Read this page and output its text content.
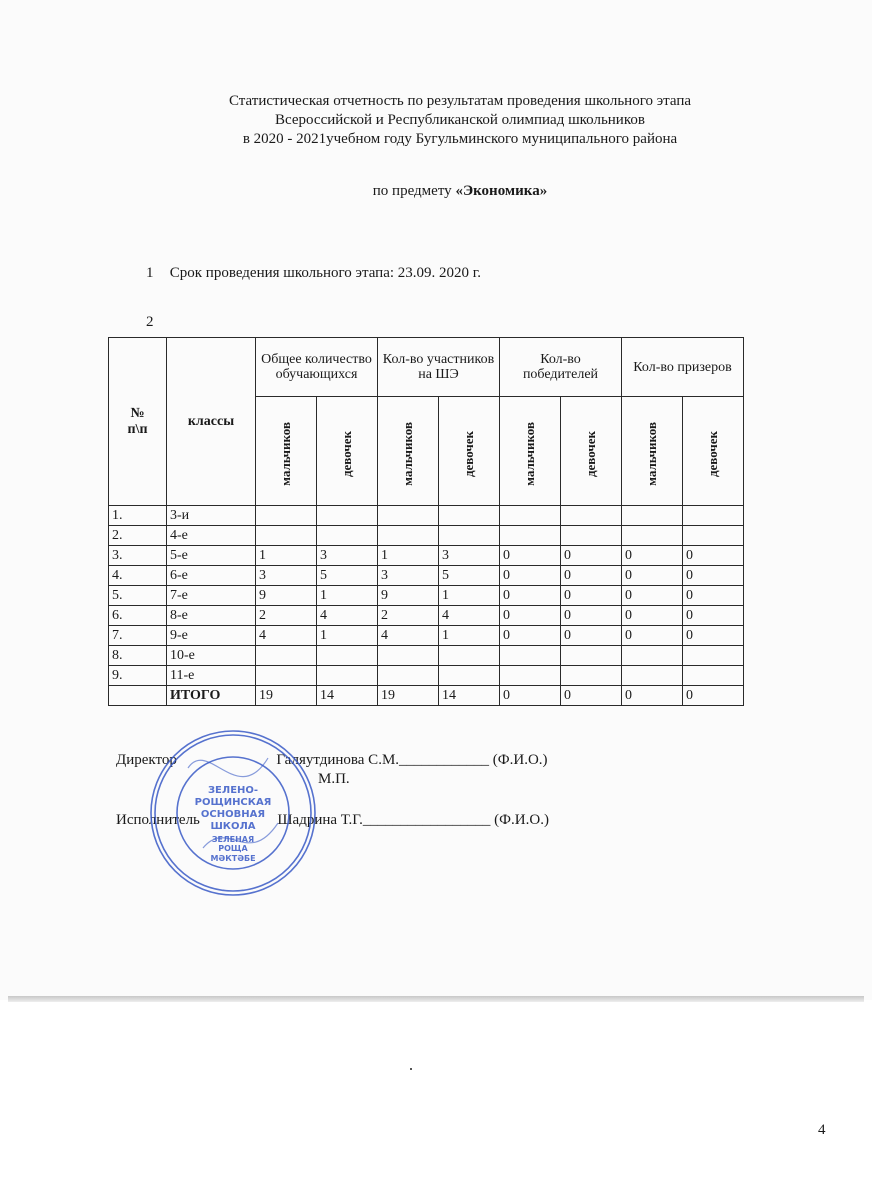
Статистическая отчетность по результатам проведения школьного этапа
Всероссийской и Республиканской олимпиад школьников
в 2020 - 2021учебном году Бугульминского муниципального района
по предмету «Экономика»
1 Срок проведения школьного этапа: 23.09. 2020 г.
2
№
п\п	классы	Общее количество обучающихся		Кол-во участников на ШЭ		Кол-во победителей		Кол-во призеров	

		мальчиков	девочек	мальчиков	девочек	мальчиков	девочек	мальчиков	девочек

1.	3-и								
2.	4-е								
3.	5-е	1	3	1	3	0	0	0	0
4.	6-е	3	5	3	5	0	0	0	0
5.	7-е	9	1	9	1	0	0	0	0
6.	8-е	2	4	2	4	0	0	0	0
7.	9-е	4	1	4	1	0	0	0	0
8.	10-е								
9.	11-е								
	ИТОГО	19	14	19	14	0	0	0	0
Директор	Галяутдинова С.М.____________ (Ф.И.О.)
М.П.
Исполнитель	Шадрина Т.Г._________________ (Ф.И.О.)
ЗЕЛЕНО-
РОЩИНСКАЯ
ОСНОВНАЯ
ШКОЛА
ЗЕЛЕНАЯ
РОЩА
МӘКТӘБЕ
4
